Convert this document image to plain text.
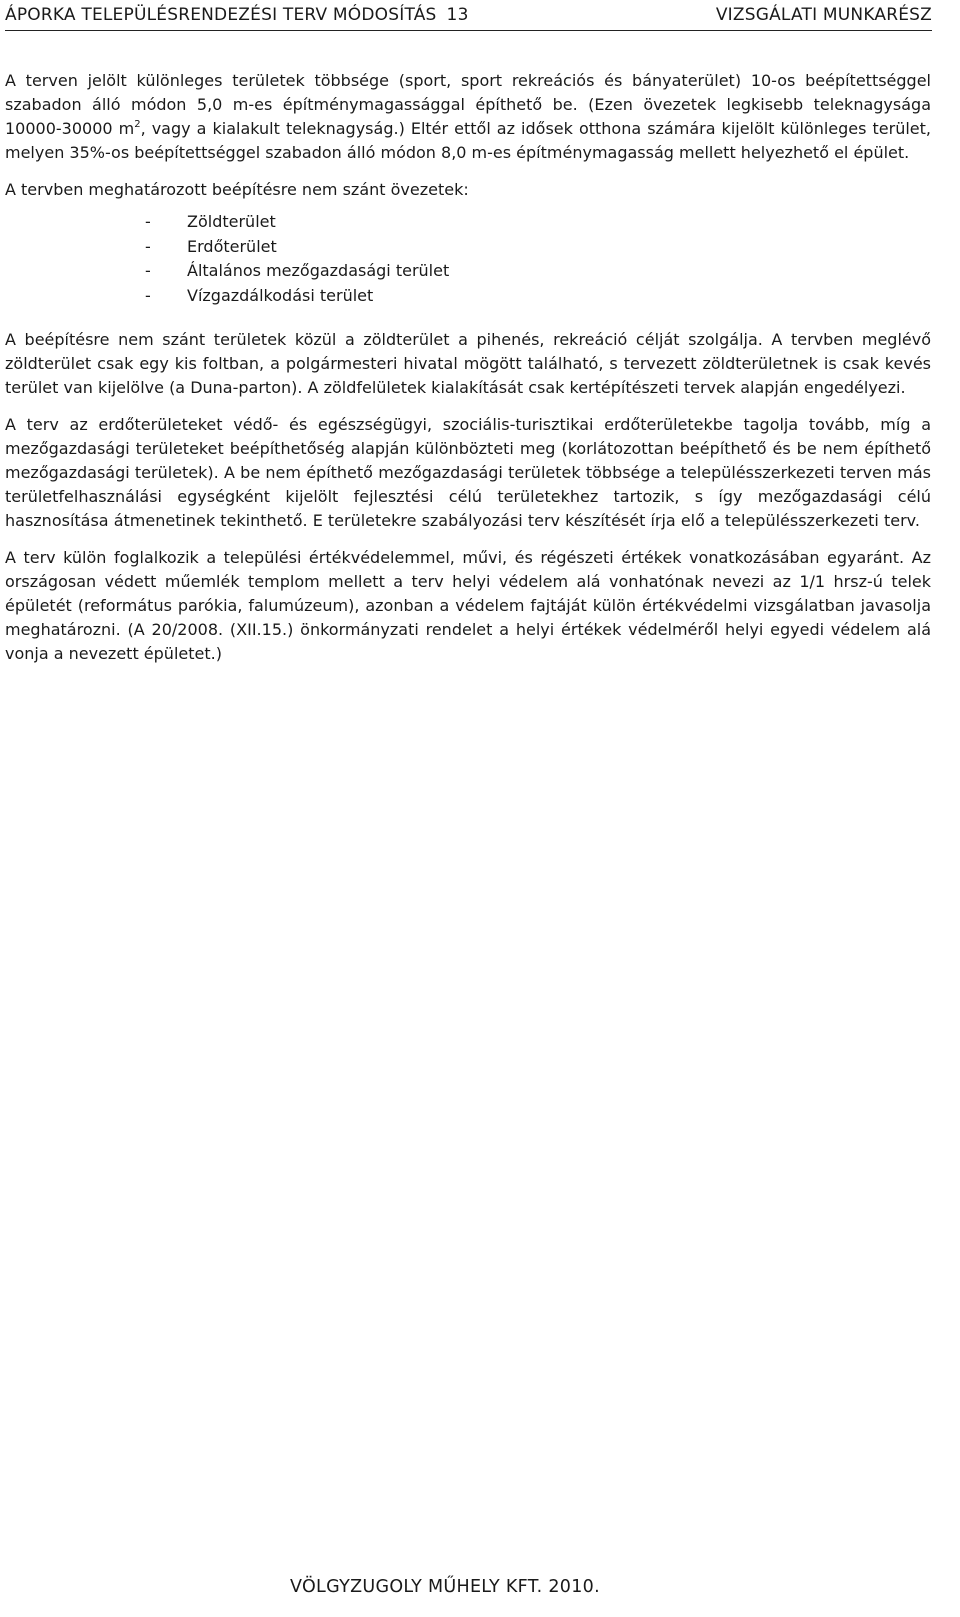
ÁPORKA TELEPÜLÉSRENDEZÉSI TERV MÓDOSÍTÁS 13	VIZSGÁLATI MUNKARÉSZ

A terven jelölt különleges területek többsége (sport, sport rekreációs és bányaterület) 10-os beépítettséggel szabadon álló módon 5,0 m-es építménymagassággal építhető be. (Ezen övezetek legkisebb teleknagysága 10000-30000 $m^2$, vagy a kialakult teleknagyság.) Eltér ettől az idősek otthona számára kijelölt különleges terület, melyen 35%-os beépítettséggel szabadon álló módon 8,0 m-es építménymagasság mellett helyezhető el épület.

A tervben meghatározott beépítésre nem szánt övezetek:

- Zöldterület
- Erdőterület
- Általános mezőgazdasági terület
- Vízgazdálkodási terület

A beépítésre nem szánt területek közül a zöldterület a pihenés, rekreáció célját szolgálja. A tervben meglévő zöldterület csak egy kis foltban, a polgármesteri hivatal mögött található, s tervezett zöldterületnek is csak kevés terület van kijelölve (a Duna-parton). A zöldfelületek kialakítását csak kertépítészeti tervek alapján engedélyezi.

A terv az erdőterületeket védő- és egészségügyi, szociális-turisztikai erdőterületekbe tagolja tovább, míg a mezőgazdasági területeket beépíthetőség alapján különbözteti meg (korlátozottan beépíthető és be nem építhető mezőgazdasági területek). A be nem építhető mezőgazdasági területek többsége a településszerkezeti terven más területfelhasználási egységként kijelölt fejlesztési célú területekhez tartozik, s így mezőgazdasági célú hasznosítása átmenetinek tekinthető. E területekre szabályozási terv készítését írja elő a településszerkezeti terv.

A terv külön foglalkozik a települési értékvédelemmel, művi, és régészeti értékek vonatkozásában egyaránt. Az országosan védett műemlék templom mellett a terv helyi védelem alá vonhatónak nevezi az 1/1 hrsz-ú telek épületét (református parókia, falumúzeum), azonban a védelem fajtáját külön értékvédelmi vizsgálatban javasolja meghatározni. (A 20/2008. (XII.15.) önkormányzati rendelet a helyi értékek védelméről helyi egyedi védelem alá vonja a nevezett épületet.)

VÖLGYZUGOLY MŰHELY KFT. 2010.
